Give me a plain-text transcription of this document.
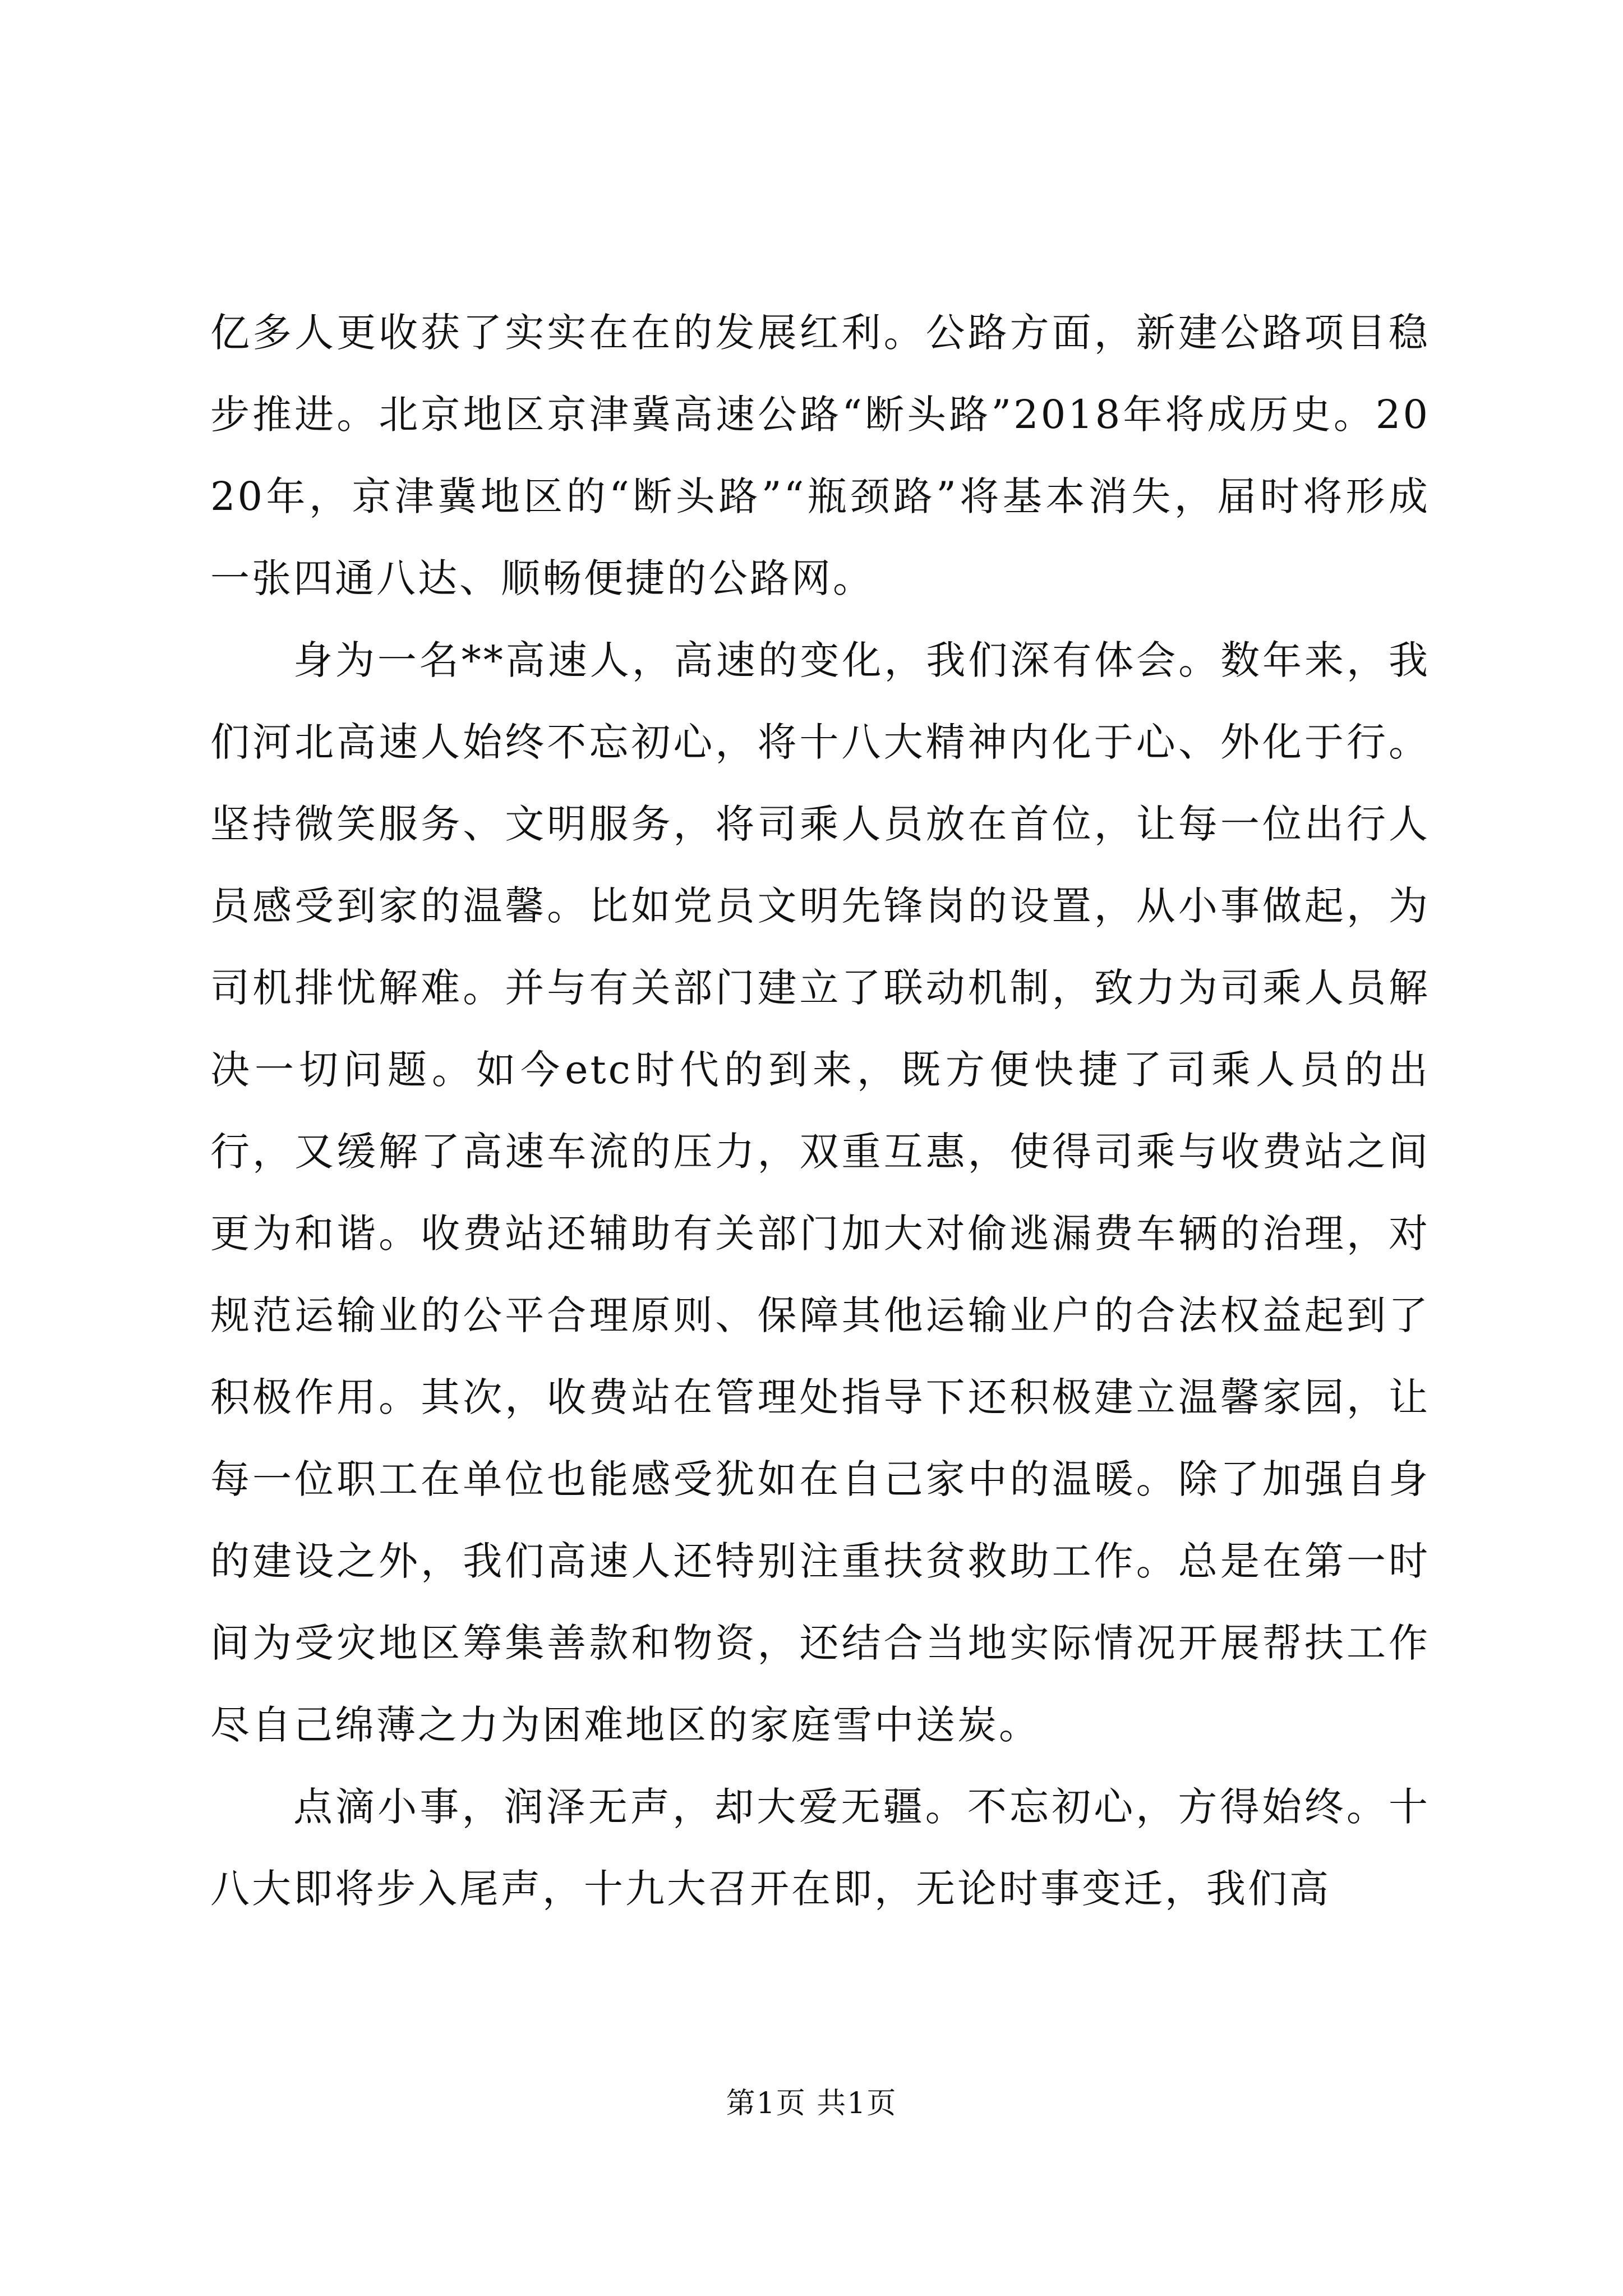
亿多人更收获了实实在在的发展红利。公路方面，新建公路项目稳步推进。北京地区京津冀高速公路“断头路”2018年将成历史。2020年，京津冀地区的“断头路”“瓶颈路”将基本消失，届时将形成一张四通八达、顺畅便捷的公路网。

身为一名**高速人，高速的变化，我们深有体会。数年来，我们河北高速人始终不忘初心，将十八大精神内化于心、外化于行。坚持微笑服务、文明服务，将司乘人员放在首位，让每一位出行人员感受到家的温馨。比如党员文明先锋岗的设置，从小事做起，为司机排忧解难。并与有关部门建立了联动机制，致力为司乘人员解决一切问题。如今etc时代的到来，既方便快捷了司乘人员的出行，又缓解了高速车流的压力，双重互惠，使得司乘与收费站之间更为和谐。收费站还辅助有关部门加大对偷逃漏费车辆的治理，对规范运输业的公平合理原则、保障其他运输业户的合法权益起到了积极作用。其次，收费站在管理处指导下还积极建立温馨家园，让每一位职工在单位也能感受犹如在自己家中的温暖。除了加强自身的建设之外，我们高速人还特别注重扶贫救助工作。总是在第一时间为受灾地区筹集善款和物资，还结合当地实际情况开展帮扶工作尽自己绵薄之力为困难地区的家庭雪中送炭。

点滴小事，润泽无声，却大爱无疆。不忘初心，方得始终。十八大即将步入尾声，十九大召开在即，无论时事变迁，我们高

第1页 共1页
